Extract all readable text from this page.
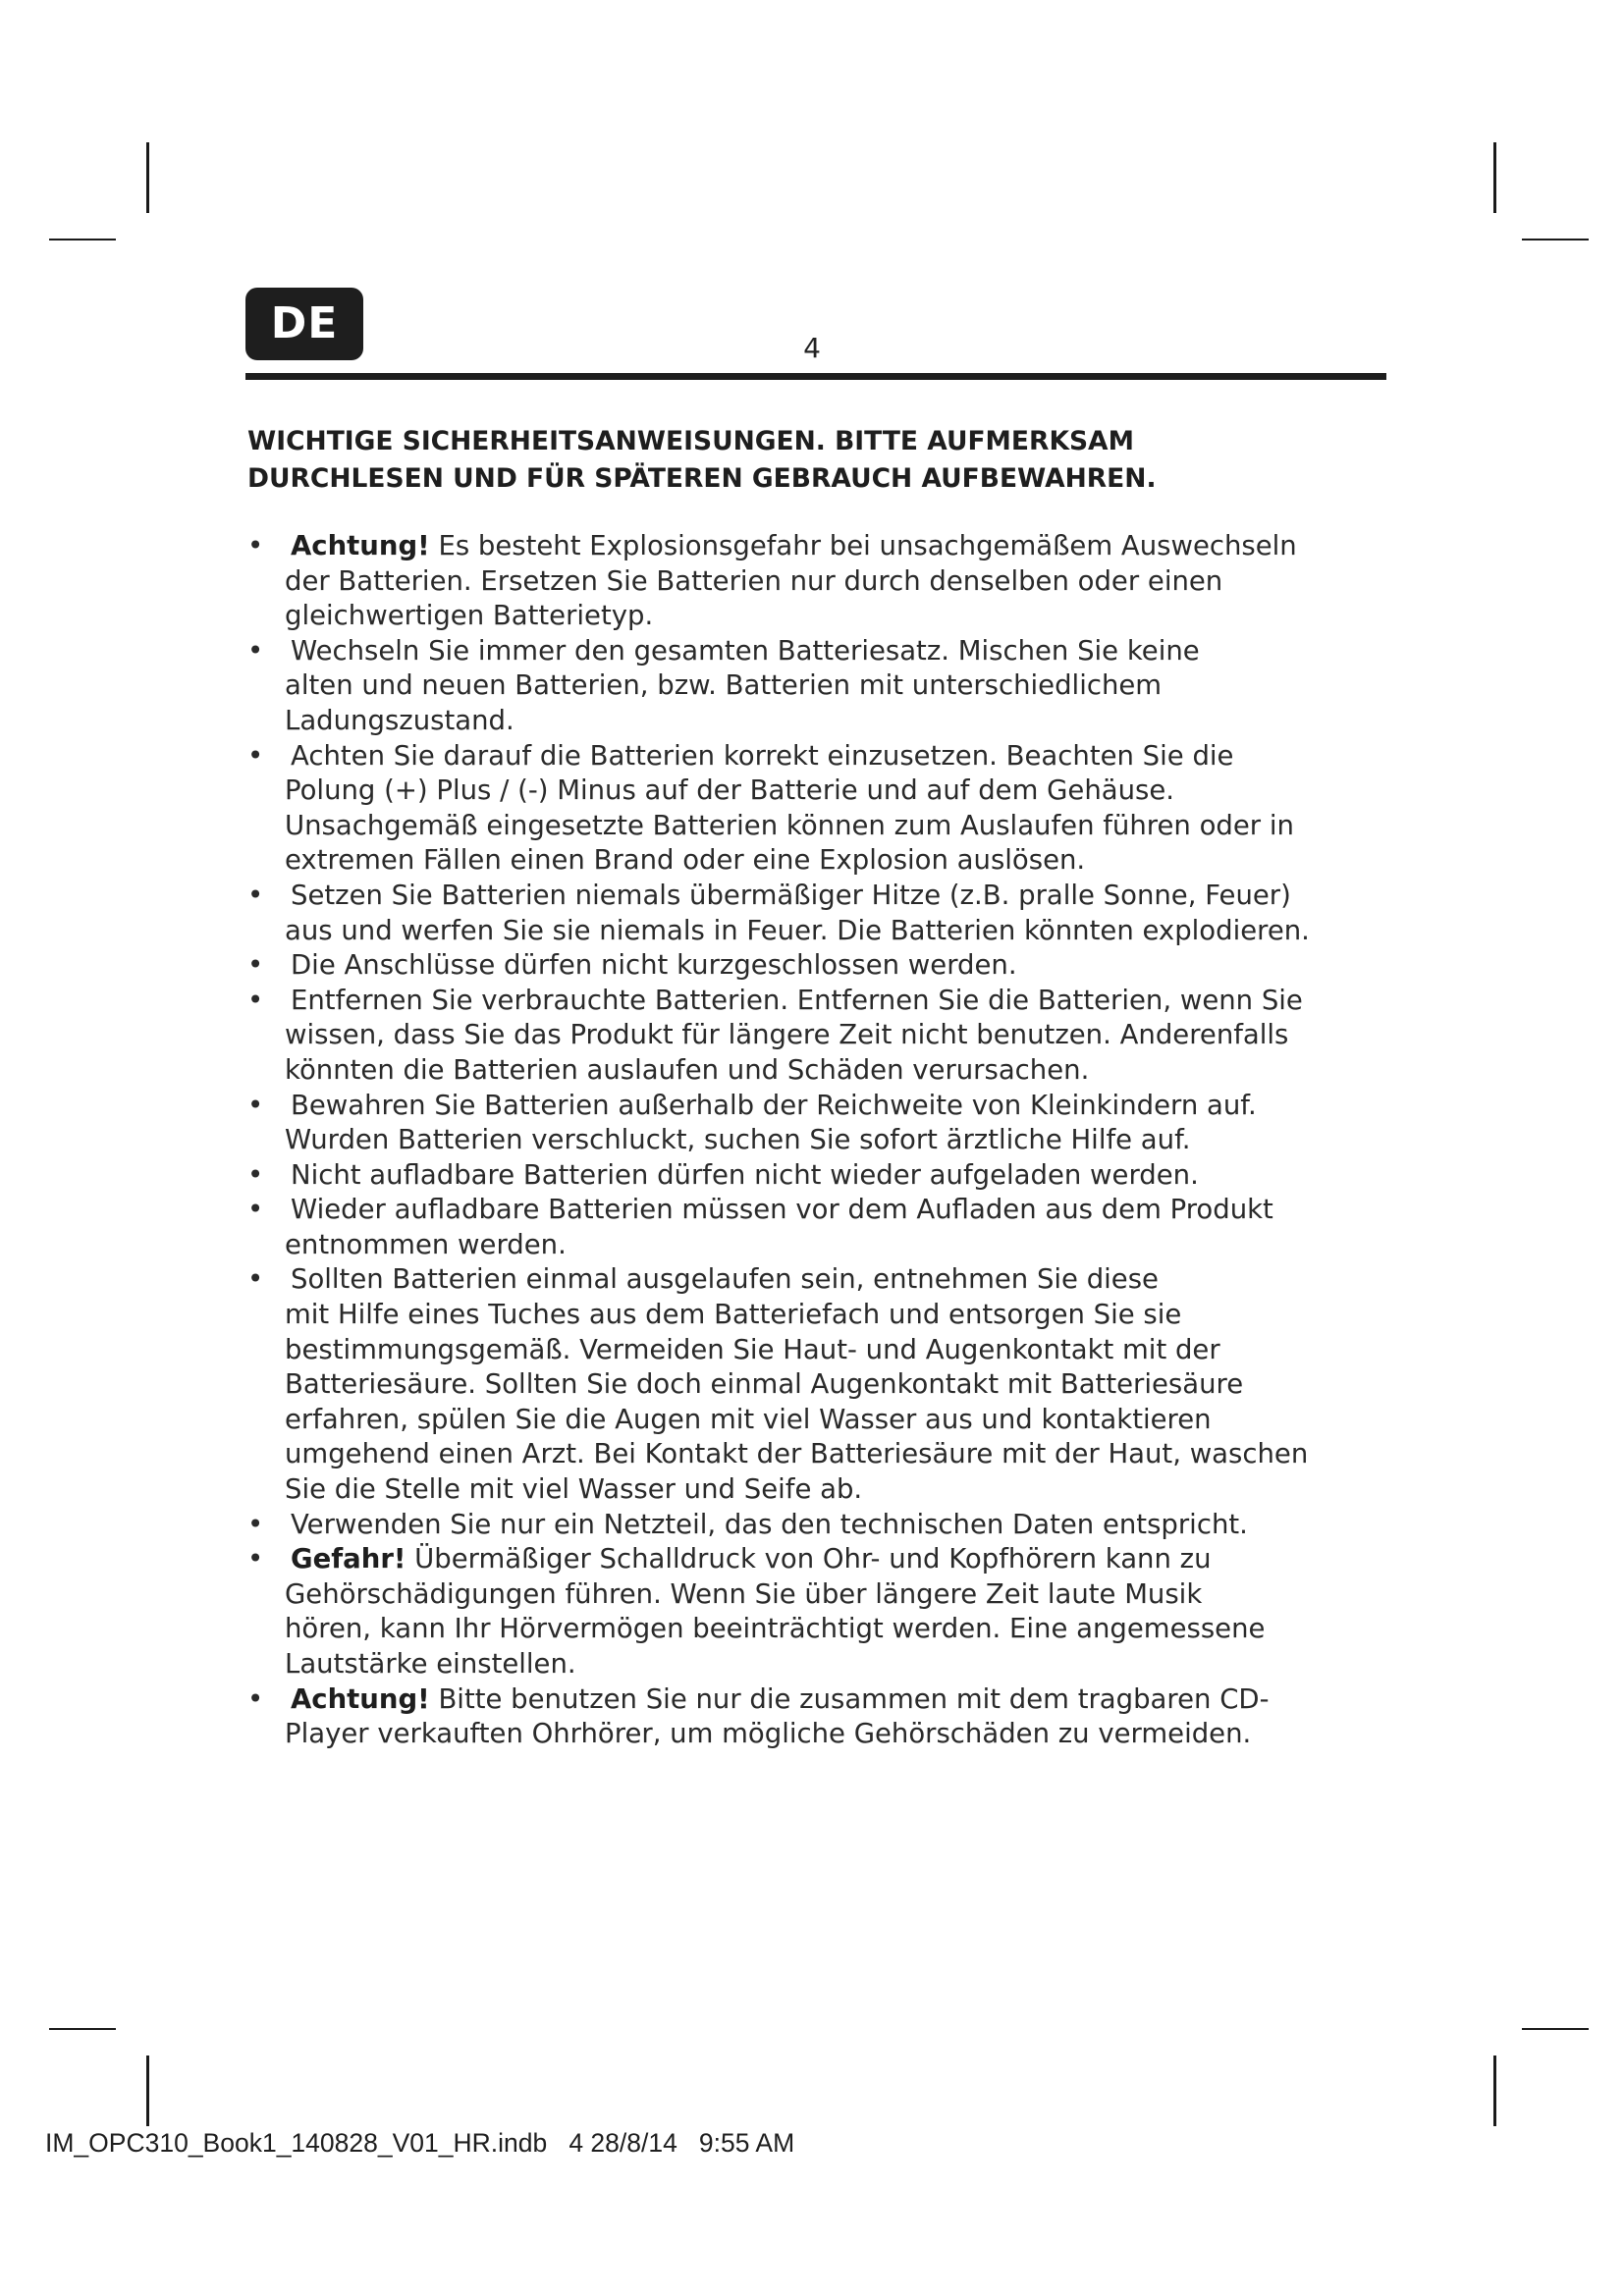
DE	4
WICHTIGE SICHERHEITSANWEISUNGEN. BITTE AUFMERKSAM
DURCHLESEN UND FÜR SPÄTEREN GEBRAUCH AUFBEWAHREN.
•	Achtung! Es besteht Explosionsgefahr bei unsachgemäßem Auswechseln
der Batterien. Ersetzen Sie Batterien nur durch denselben oder einen
gleichwertigen Batterietyp.
•	Wechseln Sie immer den gesamten Batteriesatz. Mischen Sie keine
alten und neuen Batterien, bzw. Batterien mit unterschiedlichem
Ladungszustand.
•	Achten Sie darauf die Batterien korrekt einzusetzen. Beachten Sie die
Polung (+) Plus / (-) Minus auf der Batterie und auf dem Gehäuse.
Unsachgemäß eingesetzte Batterien können zum Auslaufen führen oder in
extremen Fällen einen Brand oder eine Explosion auslösen.
•	Setzen Sie Batterien niemals übermäßiger Hitze (z.B. pralle Sonne, Feuer)
aus und werfen Sie sie niemals in Feuer. Die Batterien könnten explodieren.
•	Die Anschlüsse dürfen nicht kurzgeschlossen werden.
•	Entfernen Sie verbrauchte Batterien. Entfernen Sie die Batterien, wenn Sie
wissen, dass Sie das Produkt für längere Zeit nicht benutzen. Anderenfalls
könnten die Batterien auslaufen und Schäden verursachen.
•	Bewahren Sie Batterien außerhalb der Reichweite von Kleinkindern auf.
Wurden Batterien verschluckt, suchen Sie sofort ärztliche Hilfe auf.
•	Nicht aufladbare Batterien dürfen nicht wieder aufgeladen werden.
•	Wieder aufladbare Batterien müssen vor dem Aufladen aus dem Produkt
entnommen werden.
•	Sollten Batterien einmal ausgelaufen sein, entnehmen Sie diese
mit Hilfe eines Tuches aus dem Batteriefach und entsorgen Sie sie
bestimmungsgemäß. Vermeiden Sie Haut- und Augenkontakt mit der
Batteriesäure. Sollten Sie doch einmal Augenkontakt mit Batteriesäure
erfahren, spülen Sie die Augen mit viel Wasser aus und kontaktieren
umgehend einen Arzt. Bei Kontakt der Batteriesäure mit der Haut, waschen
Sie die Stelle mit viel Wasser und Seife ab.
•	Verwenden Sie nur ein Netzteil, das den technischen Daten entspricht.
•	Gefahr! Übermäßiger Schalldruck von Ohr- und Kopfhörern kann zu
Gehörschädigungen führen. Wenn Sie über längere Zeit laute Musik
hören, kann Ihr Hörvermögen beeinträchtigt werden. Eine angemessene
Lautstärke einstellen.
•	Achtung! Bitte benutzen Sie nur die zusammen mit dem tragbaren CD-
Player verkauften Ohrhörer, um mögliche Gehörschäden zu vermeiden.
IM_OPC310_Book1_140828_V01_HR.indb   4 28/8/14   9:55 AM
